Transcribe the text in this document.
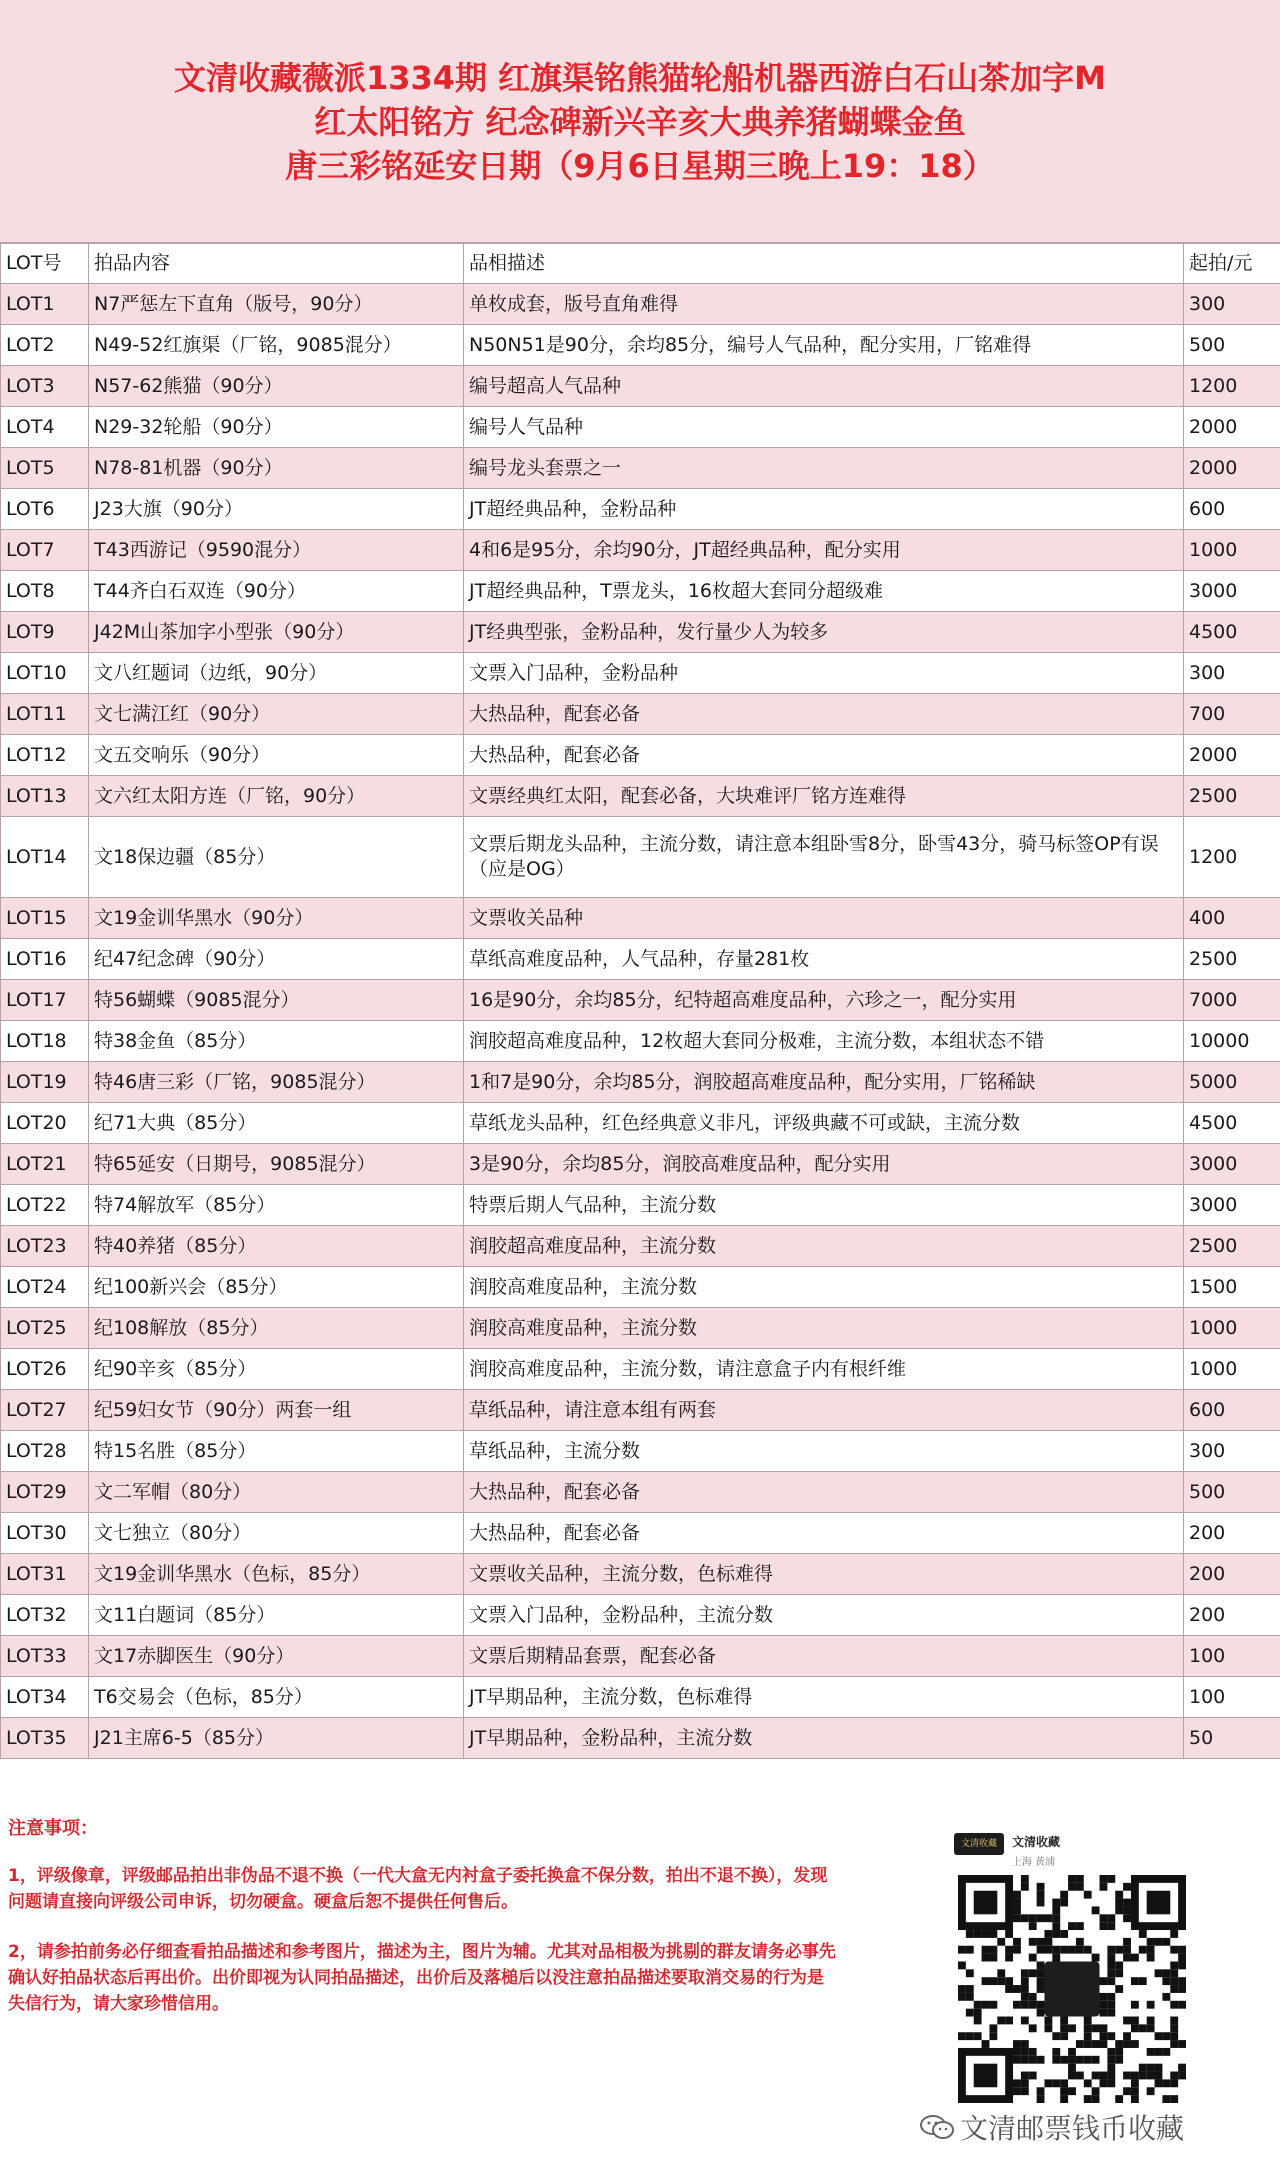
文清收藏薇派1334期 红旗渠铭熊猫轮船机器西游白石山茶加字M
红太阳铭方 纪念碑新兴辛亥大典养猪蝴蝶金鱼
唐三彩铭延安日期（9月6日星期三晚上19：18）
LOT号	拍品内容	品相描述	起拍/元
LOT1	N7严惩左下直角（版号，90分）	单枚成套，版号直角难得	300
LOT2	N49-52红旗渠（厂铭，9085混分）	N50N51是90分，余均85分，编号人气品种，配分实用，厂铭难得	500
LOT3	N57-62熊猫（90分）	编号超高人气品种	1200
LOT4	N29-32轮船（90分）	编号人气品种	2000
LOT5	N78-81机器（90分）	编号龙头套票之一	2000
LOT6	J23大旗（90分）	JT超经典品种，金粉品种	600
LOT7	T43西游记（9590混分）	4和6是95分，余均90分，JT超经典品种，配分实用	1000
LOT8	T44齐白石双连（90分）	JT超经典品种，T票龙头，16枚超大套同分超级难	3000
LOT9	J42M山茶加字小型张（90分）	JT经典型张，金粉品种，发行量少人为较多	4500
LOT10	文八红题词（边纸，90分）	文票入门品种，金粉品种	300
LOT11	文七满江红（90分）	大热品种，配套必备	700
LOT12	文五交响乐（90分）	大热品种，配套必备	2000
LOT13	文六红太阳方连（厂铭，90分）	文票经典红太阳，配套必备，大块难评厂铭方连难得	2500
LOT14	文18保边疆（85分）	文票后期龙头品种，主流分数，请注意本组卧雪8分，卧雪43分，骑马标签OP有误（应是OG）	1200
LOT15	文19金训华黑水（90分）	文票收关品种	400
LOT16	纪47纪念碑（90分）	草纸高难度品种，人气品种，存量281枚	2500
LOT17	特56蝴蝶（9085混分）	16是90分，余均85分，纪特超高难度品种，六珍之一，配分实用	7000
LOT18	特38金鱼（85分）	润胶超高难度品种，12枚超大套同分极难，主流分数，本组状态不错	10000
LOT19	特46唐三彩（厂铭，9085混分）	1和7是90分，余均85分，润胶超高难度品种，配分实用，厂铭稀缺	5000
LOT20	纪71大典（85分）	草纸龙头品种，红色经典意义非凡，评级典藏不可或缺，主流分数	4500
LOT21	特65延安（日期号，9085混分）	3是90分，余均85分，润胶高难度品种，配分实用	3000
LOT22	特74解放军（85分）	特票后期人气品种，主流分数	3000
LOT23	特40养猪（85分）	润胶超高难度品种，主流分数	2500
LOT24	纪100新兴会（85分）	润胶高难度品种，主流分数	1500
LOT25	纪108解放（85分）	润胶高难度品种，主流分数	1000
LOT26	纪90辛亥（85分）	润胶高难度品种，主流分数，请注意盒子内有根纤维	1000
LOT27	纪59妇女节（90分）两套一组	草纸品种，请注意本组有两套	600
LOT28	特15名胜（85分）	草纸品种，主流分数	300
LOT29	文二军帽（80分）	大热品种，配套必备	500
LOT30	文七独立（80分）	大热品种，配套必备	200
LOT31	文19金训华黑水（色标，85分）	文票收关品种，主流分数，色标难得	200
LOT32	文11白题词（85分）	文票入门品种，金粉品种，主流分数	200
LOT33	文17赤脚医生（90分）	文票后期精品套票，配套必备	100
LOT34	T6交易会（色标，85分）	JT早期品种，主流分数，色标难得	100
LOT35	J21主席6-5（85分）	JT早期品种，金粉品种，主流分数	50
注意事项：
1，评级像章，评级邮品拍出非伪品不退不换（一代大盒无内衬盒子委托换盒不保分数，拍出不退不换），发现问题请直接向评级公司申诉，切勿硬盒。硬盒后恕不提供任何售后。
2，请参拍前务必仔细查看拍品描述和参考图片，描述为主，图片为辅。尤其对品相极为挑剔的群友请务必事先确认好拍品状态后再出价。出价即视为认同拍品描述，出价后及落槌后以没注意拍品描述要取消交易的行为是失信行为，请大家珍惜信用。
文清收藏	文清收藏
上海 黄浦
文清邮票钱币收藏
